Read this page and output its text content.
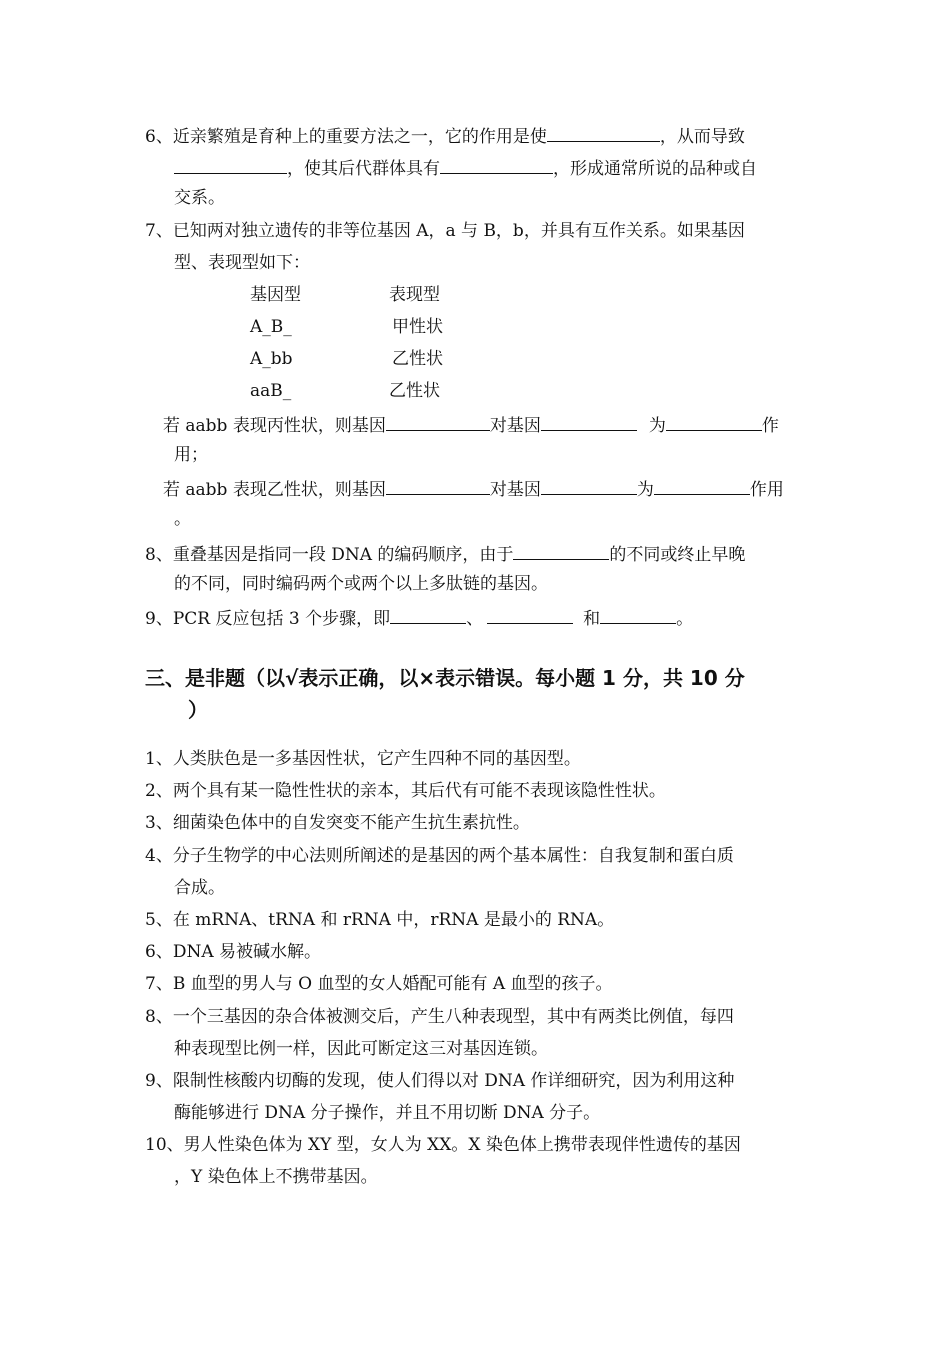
6、近亲繁殖是育种上的重要方法之一，它的作用是使	，从而导致
，使其后代群体具有	，形成通常所说的品种或自
交系。
7、已知两对独立遗传的非等位基因 A，a 与 B，b，并具有互作关系。如果基因
型、表现型如下：
基因型	表现型
A_B_	甲性状
A_bb	乙性状
aaB_	乙性状
若 aabb 表现丙性状，则基因	对基因	为	作
用；
若 aabb 表现乙性状，则基因	对基因	为	作用
。
8、重叠基因是指同一段 DNA 的编码顺序，由于	的不同或终止早晚
的不同，同时编码两个或两个以上多肽链的基因。
9、PCR 反应包括 3 个步骤，即	、	和	。
三、是非题（以√表示正确，以×表示错误。每小题 1 分，共 10 分
）
1、人类肤色是一多基因性状，它产生四种不同的基因型。
2、两个具有某一隐性性状的亲本，其后代有可能不表现该隐性性状。
3、细菌染色体中的自发突变不能产生抗生素抗性。
4、分子生物学的中心法则所阐述的是基因的两个基本属性：自我复制和蛋白质
合成。
5、在 mRNA、tRNA 和 rRNA 中，rRNA 是最小的 RNA。
6、DNA 易被碱水解。
7、B 血型的男人与 O 血型的女人婚配可能有 A 血型的孩子。
8、一个三基因的杂合体被测交后，产生八种表现型，其中有两类比例值，每四
种表现型比例一样，因此可断定这三对基因连锁。
9、限制性核酸内切酶的发现，使人们得以对 DNA 作详细研究，因为利用这种
酶能够进行 DNA 分子操作，并且不用切断 DNA 分子。
10、男人性染色体为 XY 型，女人为 XX。X 染色体上携带表现伴性遗传的基因
，Y 染色体上不携带基因。
